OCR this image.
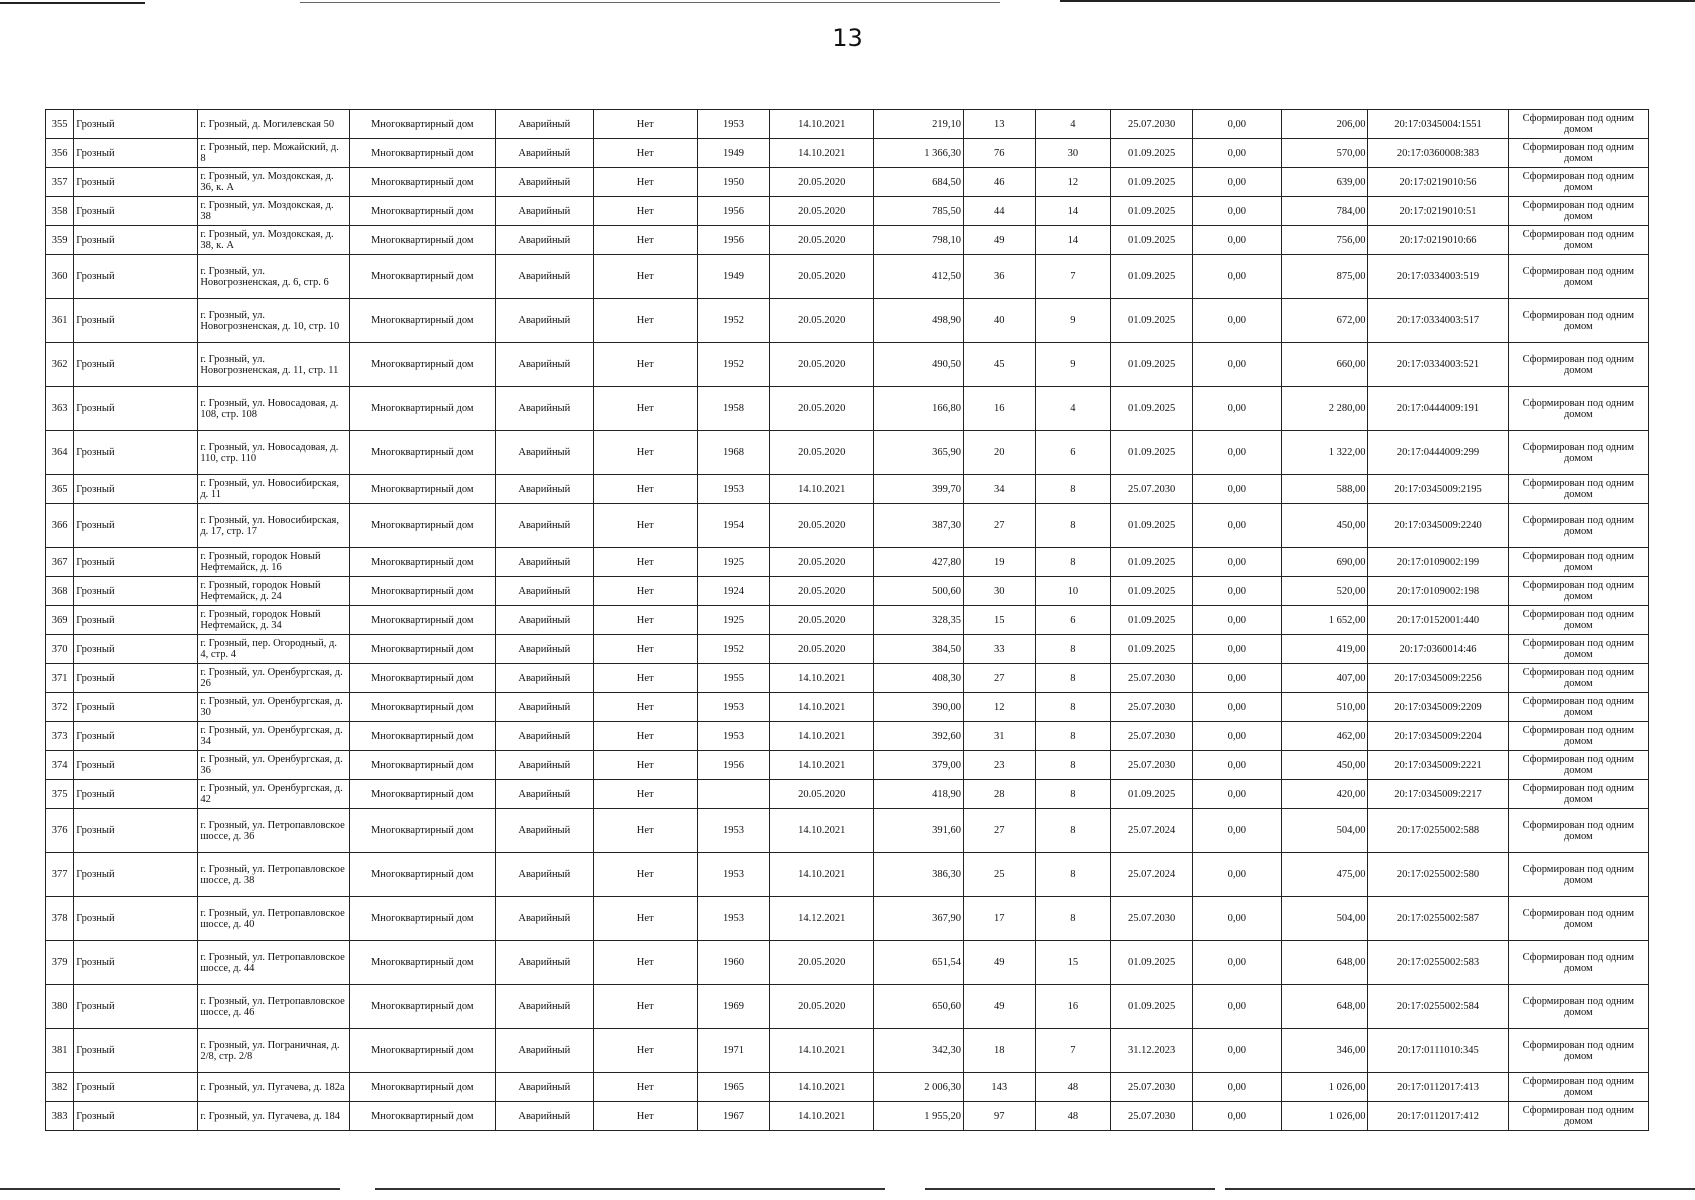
13
355	Грозный	г. Грозный, д. Могилевская 50	Многоквартирный дом	Аварийный	Нет	1953	14.10.2021	219,10	13	4	25.07.2030	0,00	206,00	20:17:0345004:1551	Сформирован под одним домом
356	Грозный	г. Грозный, пер. Можайский, д. 8	Многоквартирный дом	Аварийный	Нет	1949	14.10.2021	1 366,30	76	30	01.09.2025	0,00	570,00	20:17:0360008:383	Сформирован под одним домом
357	Грозный	г. Грозный, ул. Моздокская, д. 36, к. А	Многоквартирный дом	Аварийный	Нет	1950	20.05.2020	684,50	46	12	01.09.2025	0,00	639,00	20:17:0219010:56	Сформирован под одним домом
358	Грозный	г. Грозный, ул. Моздокская, д. 38	Многоквартирный дом	Аварийный	Нет	1956	20.05.2020	785,50	44	14	01.09.2025	0,00	784,00	20:17:0219010:51	Сформирован под одним домом
359	Грозный	г. Грозный, ул. Моздокская, д. 38, к. А	Многоквартирный дом	Аварийный	Нет	1956	20.05.2020	798,10	49	14	01.09.2025	0,00	756,00	20:17:0219010:66	Сформирован под одним домом
360	Грозный	г. Грозный, ул. Новогрозненская, д. 6, стр. 6	Многоквартирный дом	Аварийный	Нет	1949	20.05.2020	412,50	36	7	01.09.2025	0,00	875,00	20:17:0334003:519	Сформирован под одним домом
361	Грозный	г. Грозный, ул. Новогрозненская, д. 10, стр. 10	Многоквартирный дом	Аварийный	Нет	1952	20.05.2020	498,90	40	9	01.09.2025	0,00	672,00	20:17:0334003:517	Сформирован под одним домом
362	Грозный	г. Грозный, ул. Новогрозненская, д. 11, стр. 11	Многоквартирный дом	Аварийный	Нет	1952	20.05.2020	490,50	45	9	01.09.2025	0,00	660,00	20:17:0334003:521	Сформирован под одним домом
363	Грозный	г. Грозный, ул. Новосадовая, д. 108, стр. 108	Многоквартирный дом	Аварийный	Нет	1958	20.05.2020	166,80	16	4	01.09.2025	0,00	2 280,00	20:17:0444009:191	Сформирован под одним домом
364	Грозный	г. Грозный, ул. Новосадовая, д. 110, стр. 110	Многоквартирный дом	Аварийный	Нет	1968	20.05.2020	365,90	20	6	01.09.2025	0,00	1 322,00	20:17:0444009:299	Сформирован под одним домом
365	Грозный	г. Грозный, ул. Новосибирская, д. 11	Многоквартирный дом	Аварийный	Нет	1953	14.10.2021	399,70	34	8	25.07.2030	0,00	588,00	20:17:0345009:2195	Сформирован под одним домом
366	Грозный	г. Грозный, ул. Новосибирская, д. 17, стр. 17	Многоквартирный дом	Аварийный	Нет	1954	20.05.2020	387,30	27	8	01.09.2025	0,00	450,00	20:17:0345009:2240	Сформирован под одним домом
367	Грозный	г. Грозный, городок Новый Нефтемайск, д. 16	Многоквартирный дом	Аварийный	Нет	1925	20.05.2020	427,80	19	8	01.09.2025	0,00	690,00	20:17:0109002:199	Сформирован под одним домом
368	Грозный	г. Грозный, городок Новый Нефтемайск, д. 24	Многоквартирный дом	Аварийный	Нет	1924	20.05.2020	500,60	30	10	01.09.2025	0,00	520,00	20:17:0109002:198	Сформирован под одним домом
369	Грозный	г. Грозный, городок Новый Нефтемайск, д. 34	Многоквартирный дом	Аварийный	Нет	1925	20.05.2020	328,35	15	6	01.09.2025	0,00	1 652,00	20:17:0152001:440	Сформирован под одним домом
370	Грозный	г. Грозный, пер. Огородный, д. 4, стр. 4	Многоквартирный дом	Аварийный	Нет	1952	20.05.2020	384,50	33	8	01.09.2025	0,00	419,00	20:17:0360014:46	Сформирован под одним домом
371	Грозный	г. Грозный, ул. Оренбургская, д. 26	Многоквартирный дом	Аварийный	Нет	1955	14.10.2021	408,30	27	8	25.07.2030	0,00	407,00	20:17:0345009:2256	Сформирован под одним домом
372	Грозный	г. Грозный, ул. Оренбургская, д. 30	Многоквартирный дом	Аварийный	Нет	1953	14.10.2021	390,00	12	8	25.07.2030	0,00	510,00	20:17:0345009:2209	Сформирован под одним домом
373	Грозный	г. Грозный, ул. Оренбургская, д. 34	Многоквартирный дом	Аварийный	Нет	1953	14.10.2021	392,60	31	8	25.07.2030	0,00	462,00	20:17:0345009:2204	Сформирован под одним домом
374	Грозный	г. Грозный, ул. Оренбургская, д. 36	Многоквартирный дом	Аварийный	Нет	1956	14.10.2021	379,00	23	8	25.07.2030	0,00	450,00	20:17:0345009:2221	Сформирован под одним домом
375	Грозный	г. Грозный, ул. Оренбургская, д. 42	Многоквартирный дом	Аварийный	Нет		20.05.2020	418,90	28	8	01.09.2025	0,00	420,00	20:17:0345009:2217	Сформирован под одним домом
376	Грозный	г. Грозный, ул. Петропавловское шоссе, д. 36	Многоквартирный дом	Аварийный	Нет	1953	14.10.2021	391,60	27	8	25.07.2024	0,00	504,00	20:17:0255002:588	Сформирован под одним домом
377	Грозный	г. Грозный, ул. Петропавловское шоссе, д. 38	Многоквартирный дом	Аварийный	Нет	1953	14.10.2021	386,30	25	8	25.07.2024	0,00	475,00	20:17:0255002:580	Сформирован под одним домом
378	Грозный	г. Грозный, ул. Петропавловское шоссе, д. 40	Многоквартирный дом	Аварийный	Нет	1953	14.12.2021	367,90	17	8	25.07.2030	0,00	504,00	20:17:0255002:587	Сформирован под одним домом
379	Грозный	г. Грозный, ул. Петропавловское шоссе, д. 44	Многоквартирный дом	Аварийный	Нет	1960	20.05.2020	651,54	49	15	01.09.2025	0,00	648,00	20:17:0255002:583	Сформирован под одним домом
380	Грозный	г. Грозный, ул. Петропавловское шоссе, д. 46	Многоквартирный дом	Аварийный	Нет	1969	20.05.2020	650,60	49	16	01.09.2025	0,00	648,00	20:17:0255002:584	Сформирован под одним домом
381	Грозный	г. Грозный, ул. Пограничная, д. 2/8, стр. 2/8	Многоквартирный дом	Аварийный	Нет	1971	14.10.2021	342,30	18	7	31.12.2023	0,00	346,00	20:17:0111010:345	Сформирован под одним домом
382	Грозный	г. Грозный, ул. Пугачева, д. 182а	Многоквартирный дом	Аварийный	Нет	1965	14.10.2021	2 006,30	143	48	25.07.2030	0,00	1 026,00	20:17:0112017:413	Сформирован под одним домом
383	Грозный	г. Грозный, ул. Пугачева, д. 184	Многоквартирный дом	Аварийный	Нет	1967	14.10.2021	1 955,20	97	48	25.07.2030	0,00	1 026,00	20:17:0112017:412	Сформирован под одним домом
